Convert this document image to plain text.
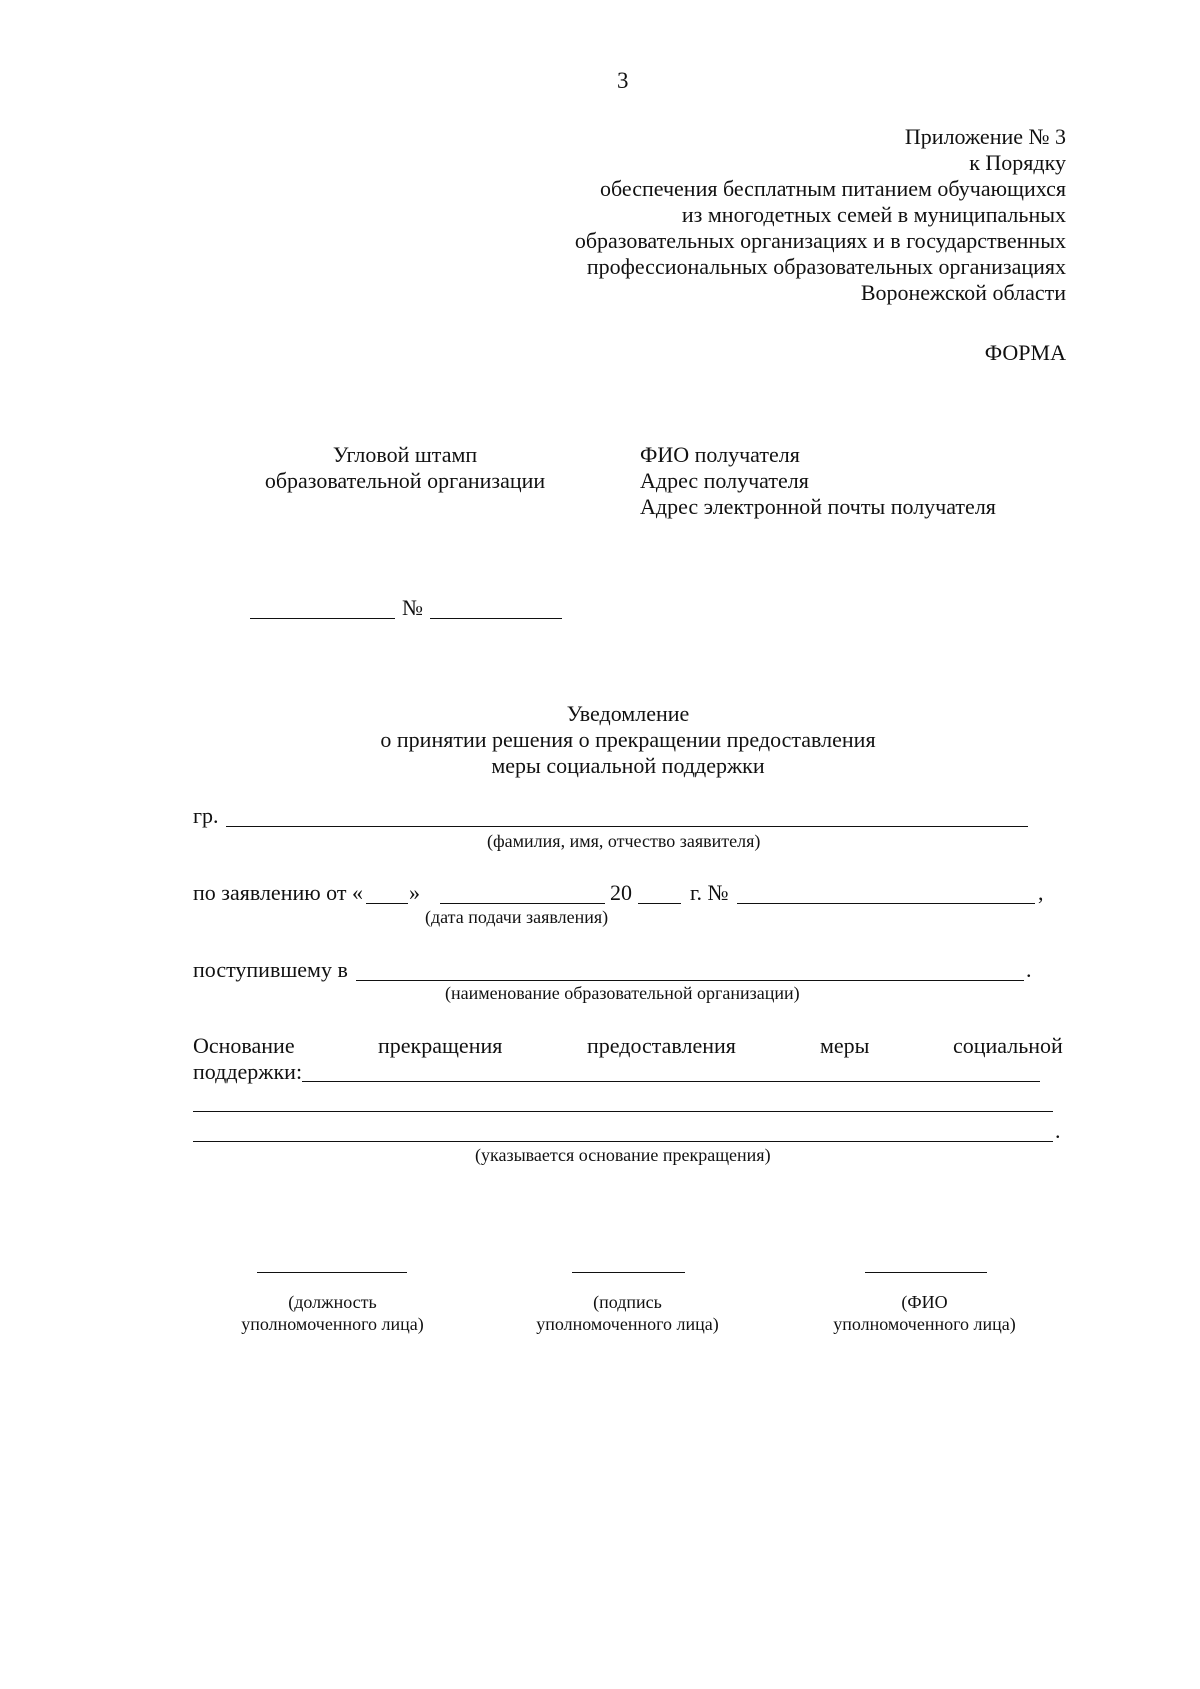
3
Приложение № 3
к Порядку
обеспечения бесплатным питанием обучающихся
из многодетных семей в муниципальных
образовательных организациях и в государственных
профессиональных образовательных организациях
Воронежской области
ФОРМА
Угловой штамп
образовательной организации
ФИО получателя
Адрес получателя
Адрес электронной почты получателя
№
Уведомление
о принятии решения о прекращении предоставления
меры социальной поддержки
гр.
(фамилия, имя, отчество заявителя)
по заявлению от « »	20	г. №	,
(дата подачи заявления)
поступившему в	.
(наименование образовательной организации)
Основание	прекращения	предоставления	меры	социальной
поддержки:
.
(указывается основание прекращения)
(должность
уполномоченного лица)
(подпись
уполномоченного лица)
(ФИО
уполномоченного лица)
